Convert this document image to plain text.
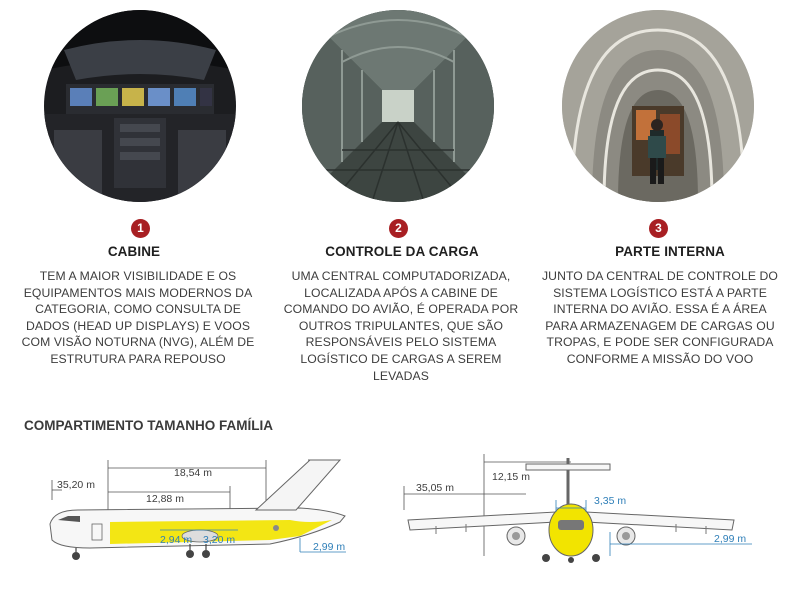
1
CABINE
TEM A MAIOR VISIBILIDADE E OS EQUIPAMENTOS MAIS MODERNOS DA CATEGORIA, COMO CONSULTA DE DADOS (HEAD UP DISPLAYS) E VOOS COM VISÃO NOTURNA (NVG), ALÉM DE ESTRUTURA PARA REPOUSO
2
CONTROLE DA CARGA
UMA CENTRAL COMPUTADORIZADA, LOCALIZADA APÓS A CABINE DE COMANDO DO AVIÃO, É OPERADA POR OUTROS TRIPULANTES, QUE SÃO RESPONSÁVEIS PELO SISTEMA LOGÍSTICO DE CARGAS A SEREM LEVADAS
3
PARTE INTERNA
JUNTO DA CENTRAL DE CONTROLE DO SISTEMA LOGÍSTICO ESTÁ A PARTE INTERNA DO AVIÃO. ESSA É A ÁREA PARA ARMAZENAGEM DE CARGAS OU TROPAS, E PODE SER CONFIGURADA CONFORME A MISSÃO DO VOO
COMPARTIMENTO TAMANHO FAMÍLIA
35,20 m
18,54 m
12,88 m
2,94 m 3,20 m
2,99 m
35,05 m
12,15 m
3,35 m
2,99 m
